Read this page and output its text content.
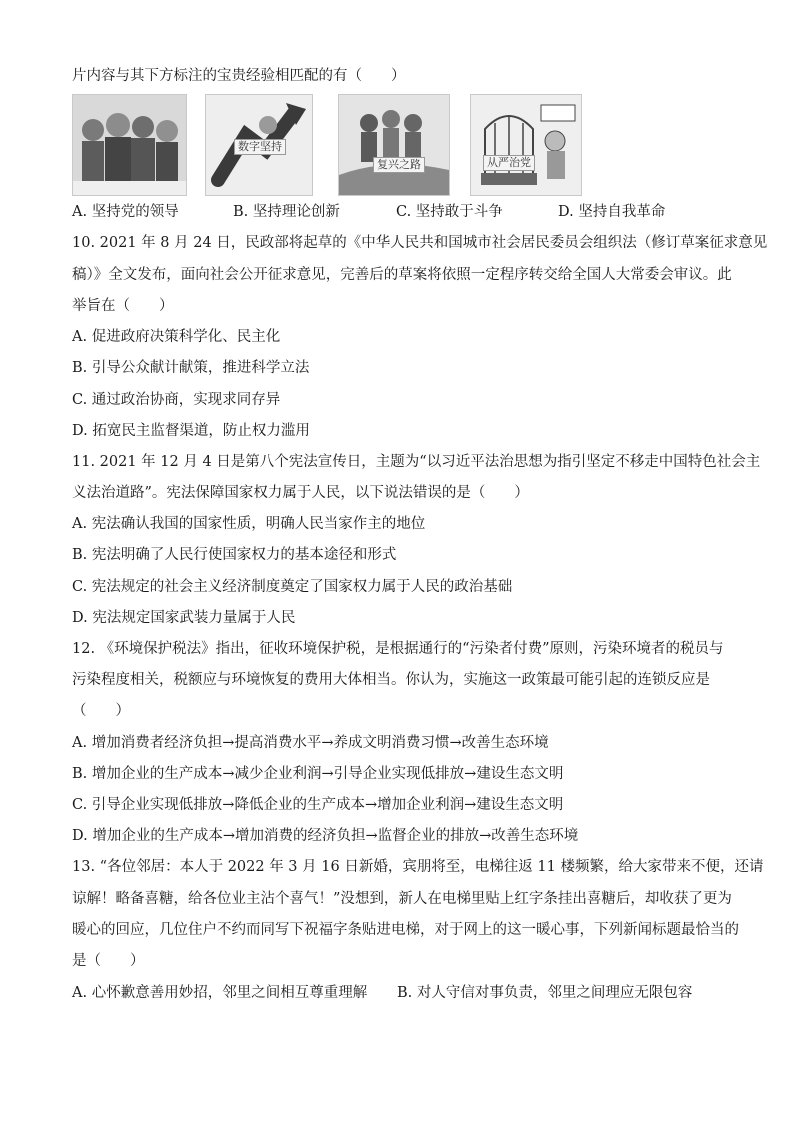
片内容与其下方标注的宝贵经验相匹配的有（　　）
数字坚持
复兴之路	从严治党
A. 坚持党的领导	B. 坚持理论创新	C. 坚持敢于斗争	D. 坚持自我革命
10. 2021 年 8 月 24 日，民政部将起草的《中华人民共和国城市社会居民委员会组织法（修订草案征求意见
稿）》全文发布，面向社会公开征求意见，完善后的草案将依照一定程序转交给全国人大常委会审议。此
举旨在（　　）
A. 促进政府决策科学化、民主化
B. 引导公众献计献策，推进科学立法
C. 通过政治协商，实现求同存异
D. 拓宽民主监督渠道，防止权力滥用
11. 2021 年 12 月 4 日是第八个宪法宣传日，主题为“以习近平法治思想为指引坚定不移走中国特色社会主
义法治道路”。宪法保障国家权力属于人民，以下说法错误的是（　　）
A. 宪法确认我国的国家性质，明确人民当家作主的地位
B. 宪法明确了人民行使国家权力的基本途径和形式
C. 宪法规定的社会主义经济制度奠定了国家权力属于人民的政治基础
D. 宪法规定国家武装力量属于人民
12. 《环境保护税法》指出，征收环境保护税，是根据通行的“污染者付费”原则，污染环境者的税员与
污染程度相关，税额应与环境恢复的费用大体相当。你认为，实施这一政策最可能引起的连锁反应是
（　　）
A. 增加消费者经济负担→提高消费水平→养成文明消费习惯→改善生态环境
B. 增加企业的生产成本→减少企业利润→引导企业实现低排放→建设生态文明
C. 引导企业实现低排放→降低企业的生产成本→增加企业利润→建设生态文明
D. 增加企业的生产成本→增加消费的经济负担→监督企业的排放→改善生态环境
13. “各位邻居：本人于 2022 年 3 月 16 日新婚，宾朋将至，电梯往返 11 楼频繁，给大家带来不便，还请
谅解！略备喜糖，给各位业主沾个喜气！”没想到，新人在电梯里贴上红字条挂出喜糖后，却收获了更为
暖心的回应，几位住户不约而同写下祝福字条贴进电梯，对于网上的这一暖心事，下列新闻标题最恰当的
是（　　）
A. 心怀歉意善用妙招，邻里之间相互尊重理解 B. 对人守信对事负责，邻里之间理应无限包容
